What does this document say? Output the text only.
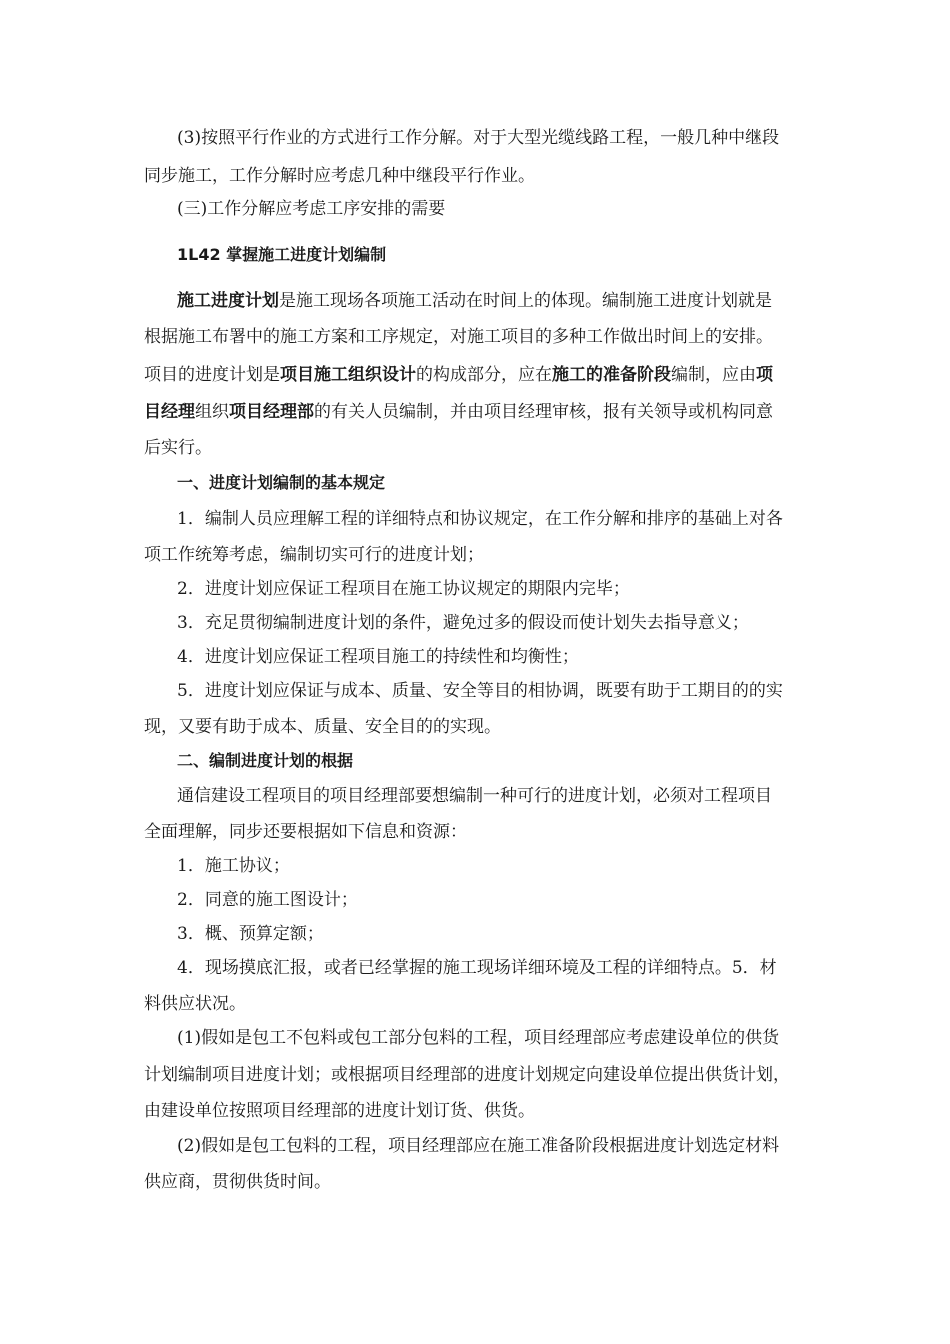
(3)按照平行作业的方式进行工作分解。对于大型光缆线路工程，一般几种中继段
同步施工，工作分解时应考虑几种中继段平行作业。
(三)工作分解应考虑工序安排的需要
1L42 掌握施工进度计划编制
施工进度计划是施工现场各项施工活动在时间上的体现。编制施工进度计划就是
根据施工布署中的施工方案和工序规定，对施工项目的多种工作做出时间上的安排。
项目的进度计划是项目施工组织设计的构成部分，应在施工的准备阶段编制，应由项
目经理组织项目经理部的有关人员编制，并由项目经理审核，报有关领导或机构同意
后实行。
一、进度计划编制的基本规定
1．编制人员应理解工程的详细特点和协议规定，在工作分解和排序的基础上对各
项工作统筹考虑，编制切实可行的进度计划；
2．进度计划应保证工程项目在施工协议规定的期限内完毕；
3．充足贯彻编制进度计划的条件，避免过多的假设而使计划失去指导意义；
4．进度计划应保证工程项目施工的持续性和均衡性；
5．进度计划应保证与成本、质量、安全等目的相协调，既要有助于工期目的的实
现，又要有助于成本、质量、安全目的的实现。
二、编制进度计划的根据
通信建设工程项目的项目经理部要想编制一种可行的进度计划，必须对工程项目
全面理解，同步还要根据如下信息和资源：
1．施工协议；
2．同意的施工图设计；
3．概、预算定额；
4．现场摸底汇报，或者已经掌握的施工现场详细环境及工程的详细特点。5．材
料供应状况。
(1)假如是包工不包料或包工部分包料的工程，项目经理部应考虑建设单位的供货
计划编制项目进度计划；或根据项目经理部的进度计划规定向建设单位提出供货计划，
由建设单位按照项目经理部的进度计划订货、供货。
(2)假如是包工包料的工程，项目经理部应在施工准备阶段根据进度计划选定材料
供应商，贯彻供货时间。
